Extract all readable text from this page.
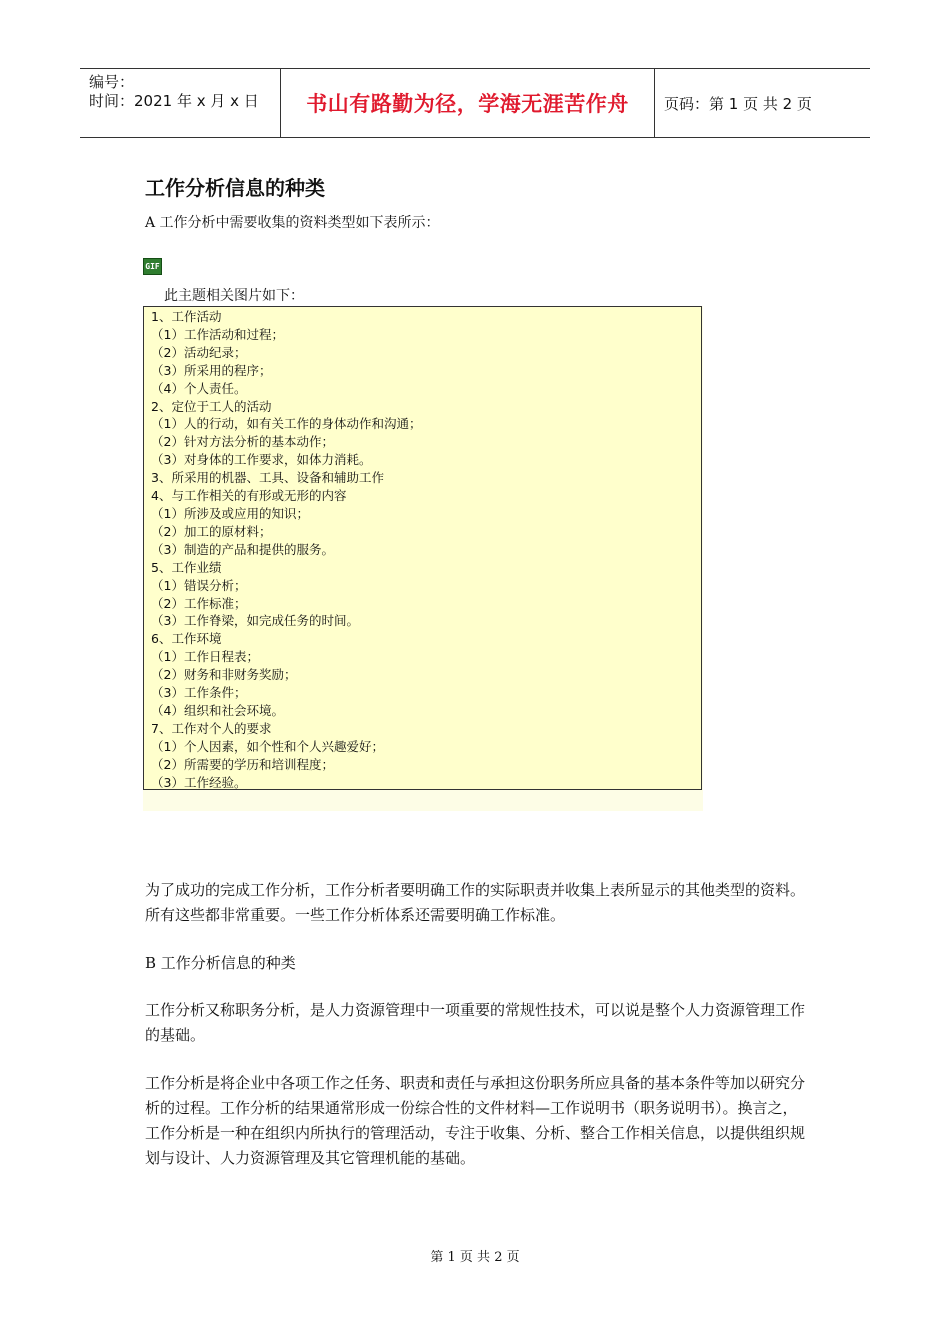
编号：
时间：2021 年 x 月 x 日	书山有路勤为径，学海无涯苦作舟	页码：第 1 页 共 2 页
工作分析信息的种类
A 工作分析中需要收集的资料类型如下表所示：
GIF
此主题相关图片如下：
1、工作活动
（1）工作活动和过程；
（2）活动纪录；
（3）所采用的程序；
（4）个人责任。
2、定位于工人的活动
（1）人的行动，如有关工作的身体动作和沟通；
（2）针对方法分析的基本动作；
（3）对身体的工作要求，如体力消耗。
3、所采用的机器、工具、设备和辅助工作
4、与工作相关的有形或无形的内容
（1）所涉及或应用的知识；
（2）加工的原材料；
（3）制造的产品和提供的服务。
5、工作业绩
（1）错误分析；
（2）工作标准；
（3）工作脊梁，如完成任务的时间。
6、工作环境
（1）工作日程表；
（2）财务和非财务奖励；
（3）工作条件；
（4）组织和社会环境。
7、工作对个人的要求
（1）个人因素，如个性和个人兴趣爱好；
（2）所需要的学历和培训程度；
（3）工作经验。
为了成功的完成工作分析，工作分析者要明确工作的实际职责并收集上表所显示的其他类型的资料。所有这些都非常重要。一些工作分析体系还需要明确工作标准。
B 工作分析信息的种类
工作分析又称职务分析，是人力资源管理中一项重要的常规性技术，可以说是整个人力资源管理工作的基础。
工作分析是将企业中各项工作之任务、职责和责任与承担这份职务所应具备的基本条件等加以研究分析的过程。工作分析的结果通常形成一份综合性的文件材料—工作说明书（职务说明书）。换言之，工作分析是一种在组织内所执行的管理活动，专注于收集、分析、整合工作相关信息，以提供组织规划与设计、人力资源管理及其它管理机能的基础。
第 1 页 共 2 页
